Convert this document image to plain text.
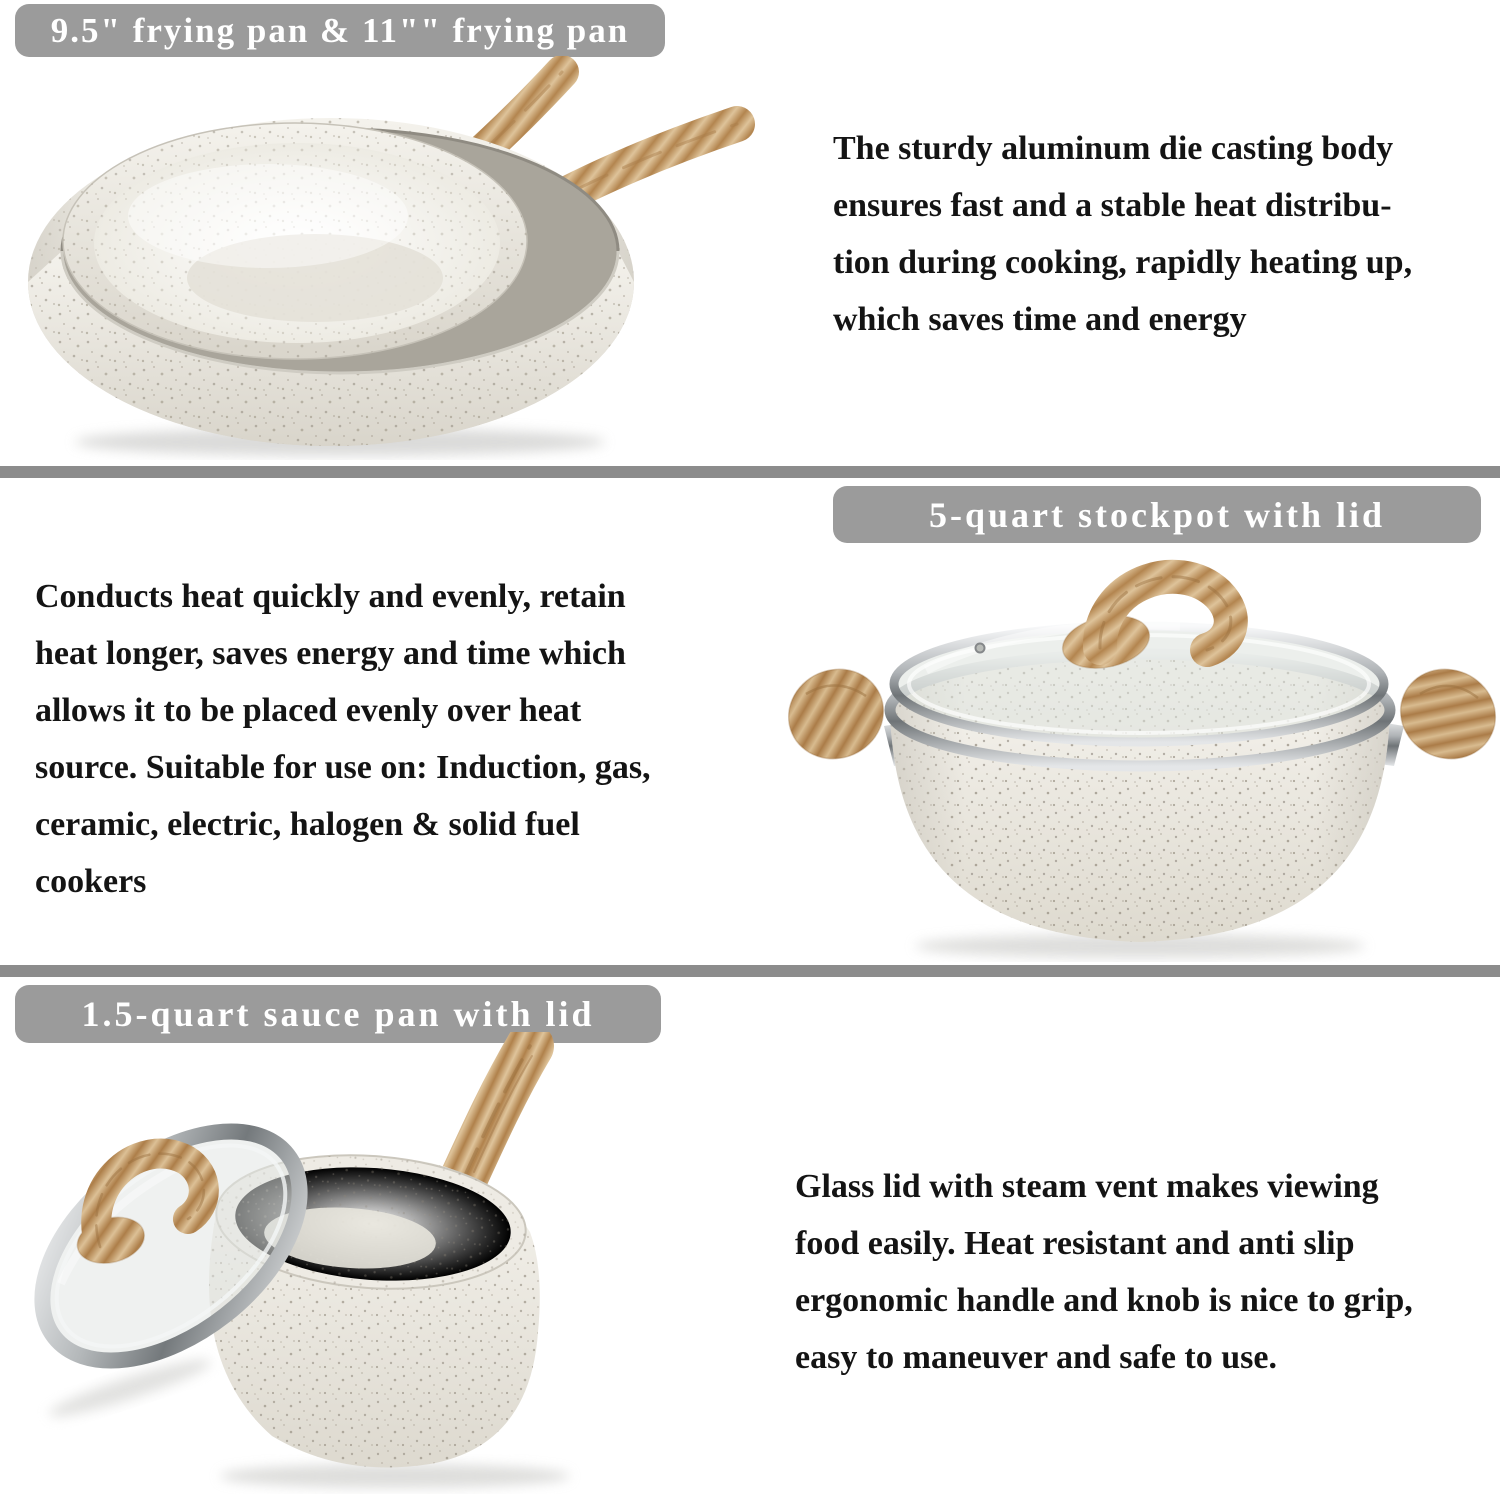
9.5" frying pan & 11"" frying pan
The sturdy aluminum die casting body
ensures fast and a stable heat distribu-
tion during cooking, rapidly heating up,
which saves time and energy
5-quart stockpot with lid
Conducts heat quickly and evenly, retain
heat longer, saves energy and time which
allows it to be placed evenly over heat
source. Suitable for use on: Induction, gas,
ceramic, electric, halogen & solid fuel
cookers
1.5-quart sauce pan with lid
Glass lid with steam vent makes viewing
food easily. Heat resistant and anti slip
ergonomic handle and knob is nice to grip,
easy to maneuver and safe to use.
